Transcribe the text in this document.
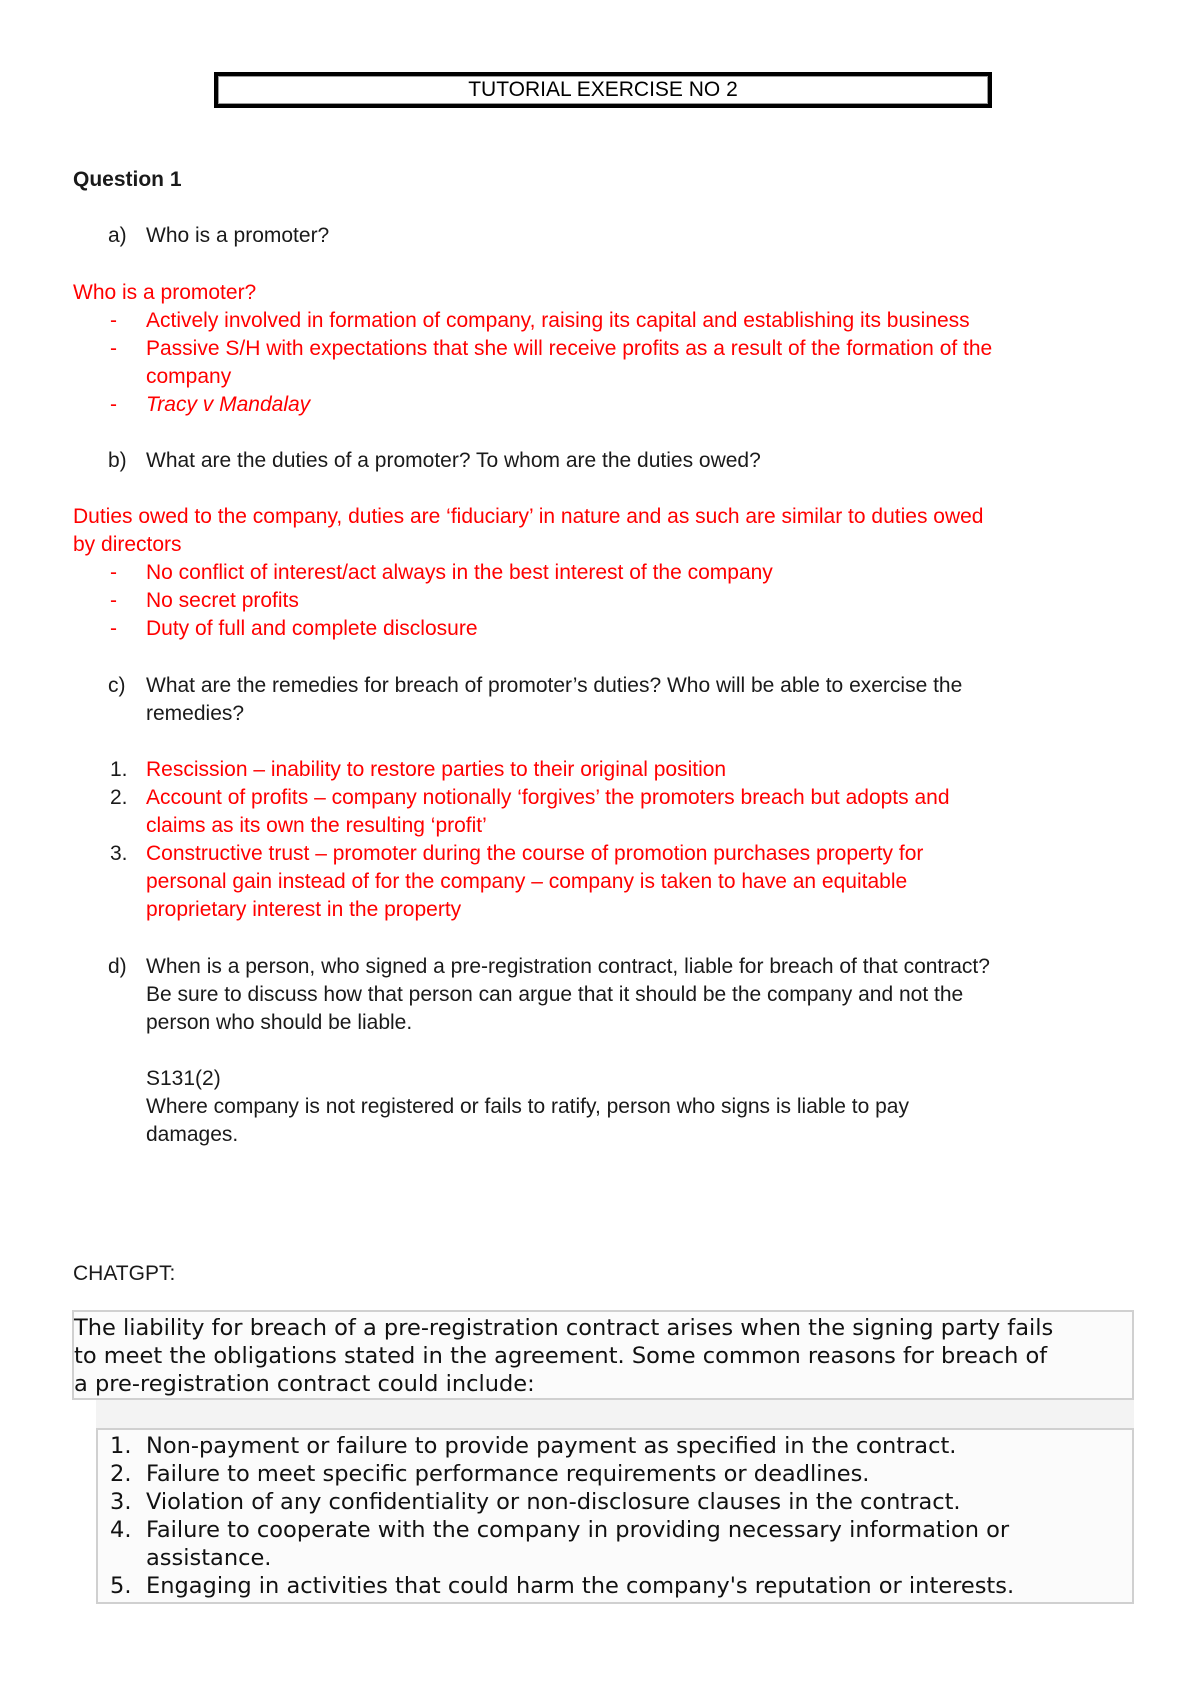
TUTORIAL EXERCISE NO 2
Question 1
a) Who is a promoter?
Who is a promoter?
- Actively involved in formation of company, raising its capital and establishing its business
- Passive S/H with expectations that she will receive profits as a result of the formation of the
company
- Tracy v Mandalay
b) What are the duties of a promoter? To whom are the duties owed?
Duties owed to the company, duties are ‘fiduciary’ in nature and as such are similar to duties owed
by directors
- No conflict of interest/act always in the best interest of the company
- No secret profits
- Duty of full and complete disclosure
c) What are the remedies for breach of promoter’s duties? Who will be able to exercise the
remedies?
1. Rescission – inability to restore parties to their original position
2. Account of profits – company notionally ‘forgives’ the promoters breach but adopts and
claims as its own the resulting ‘profit’
3. Constructive trust – promoter during the course of promotion purchases property for
personal gain instead of for the company – company is taken to have an equitable
proprietary interest in the property
d) When is a person, who signed a pre-registration contract, liable for breach of that contract?
Be sure to discuss how that person can argue that it should be the company and not the
person who should be liable.
S131(2)
Where company is not registered or fails to ratify, person who signs is liable to pay
damages.
CHATGPT:
The liability for breach of a pre-registration contract arises when the signing party fails
to meet the obligations stated in the agreement. Some common reasons for breach of
a pre-registration contract could include:
1. Non-payment or failure to provide payment as specified in the contract.
2. Failure to meet specific performance requirements or deadlines.
3. Violation of any confidentiality or non-disclosure clauses in the contract.
4. Failure to cooperate with the company in providing necessary information or
assistance.
5. Engaging in activities that could harm the company's reputation or interests.
